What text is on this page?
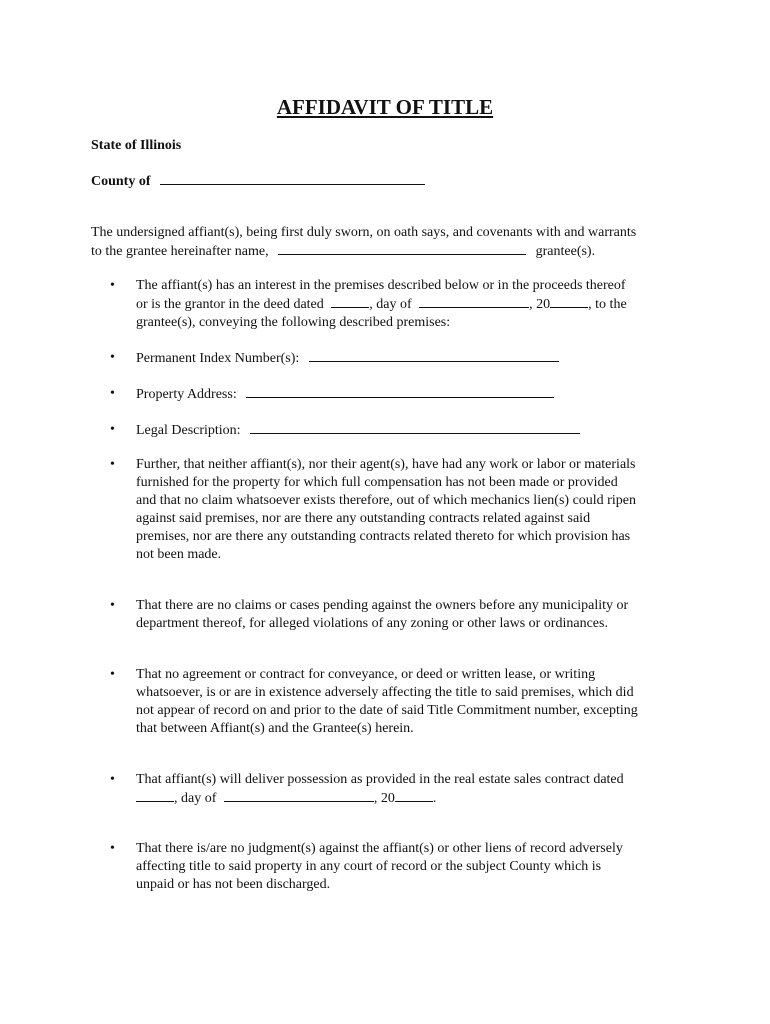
AFFIDAVIT OF TITLE
State of Illinois
County of
The undersigned affiant(s), being first duly sworn, on oath says, and covenants with and warrants
to the grantee hereinafter name,	grantee(s).
• The affiant(s) has an interest in the premises described below or in the proceeds thereof
or is the grantor in the deed dated	, day of	, 20	, to the
grantee(s), conveying the following described premises:
• Permanent Index Number(s):
• Property Address:
• Legal Description:
• Further, that neither affiant(s), nor their agent(s), have had any work or labor or materials
furnished for the property for which full compensation has not been made or provided
and that no claim whatsoever exists therefore, out of which mechanics lien(s) could ripen
against said premises, nor are there any outstanding contracts related against said
premises, nor are there any outstanding contracts related thereto for which provision has
not been made.
• That there are no claims or cases pending against the owners before any municipality or
department thereof, for alleged violations of any zoning or other laws or ordinances.
• That no agreement or contract for conveyance, or deed or written lease, or writing
whatsoever, is or are in existence adversely affecting the title to said premises, which did
not appear of record on and prior to the date of said Title Commitment number, excepting
that between Affiant(s) and the Grantee(s) herein.
• That affiant(s) will deliver possession as provided in the real estate sales contract dated
, day of	, 20	.
• That there is/are no judgment(s) against the affiant(s) or other liens of record adversely
affecting title to said property in any court of record or the subject County which is
unpaid or has not been discharged.
